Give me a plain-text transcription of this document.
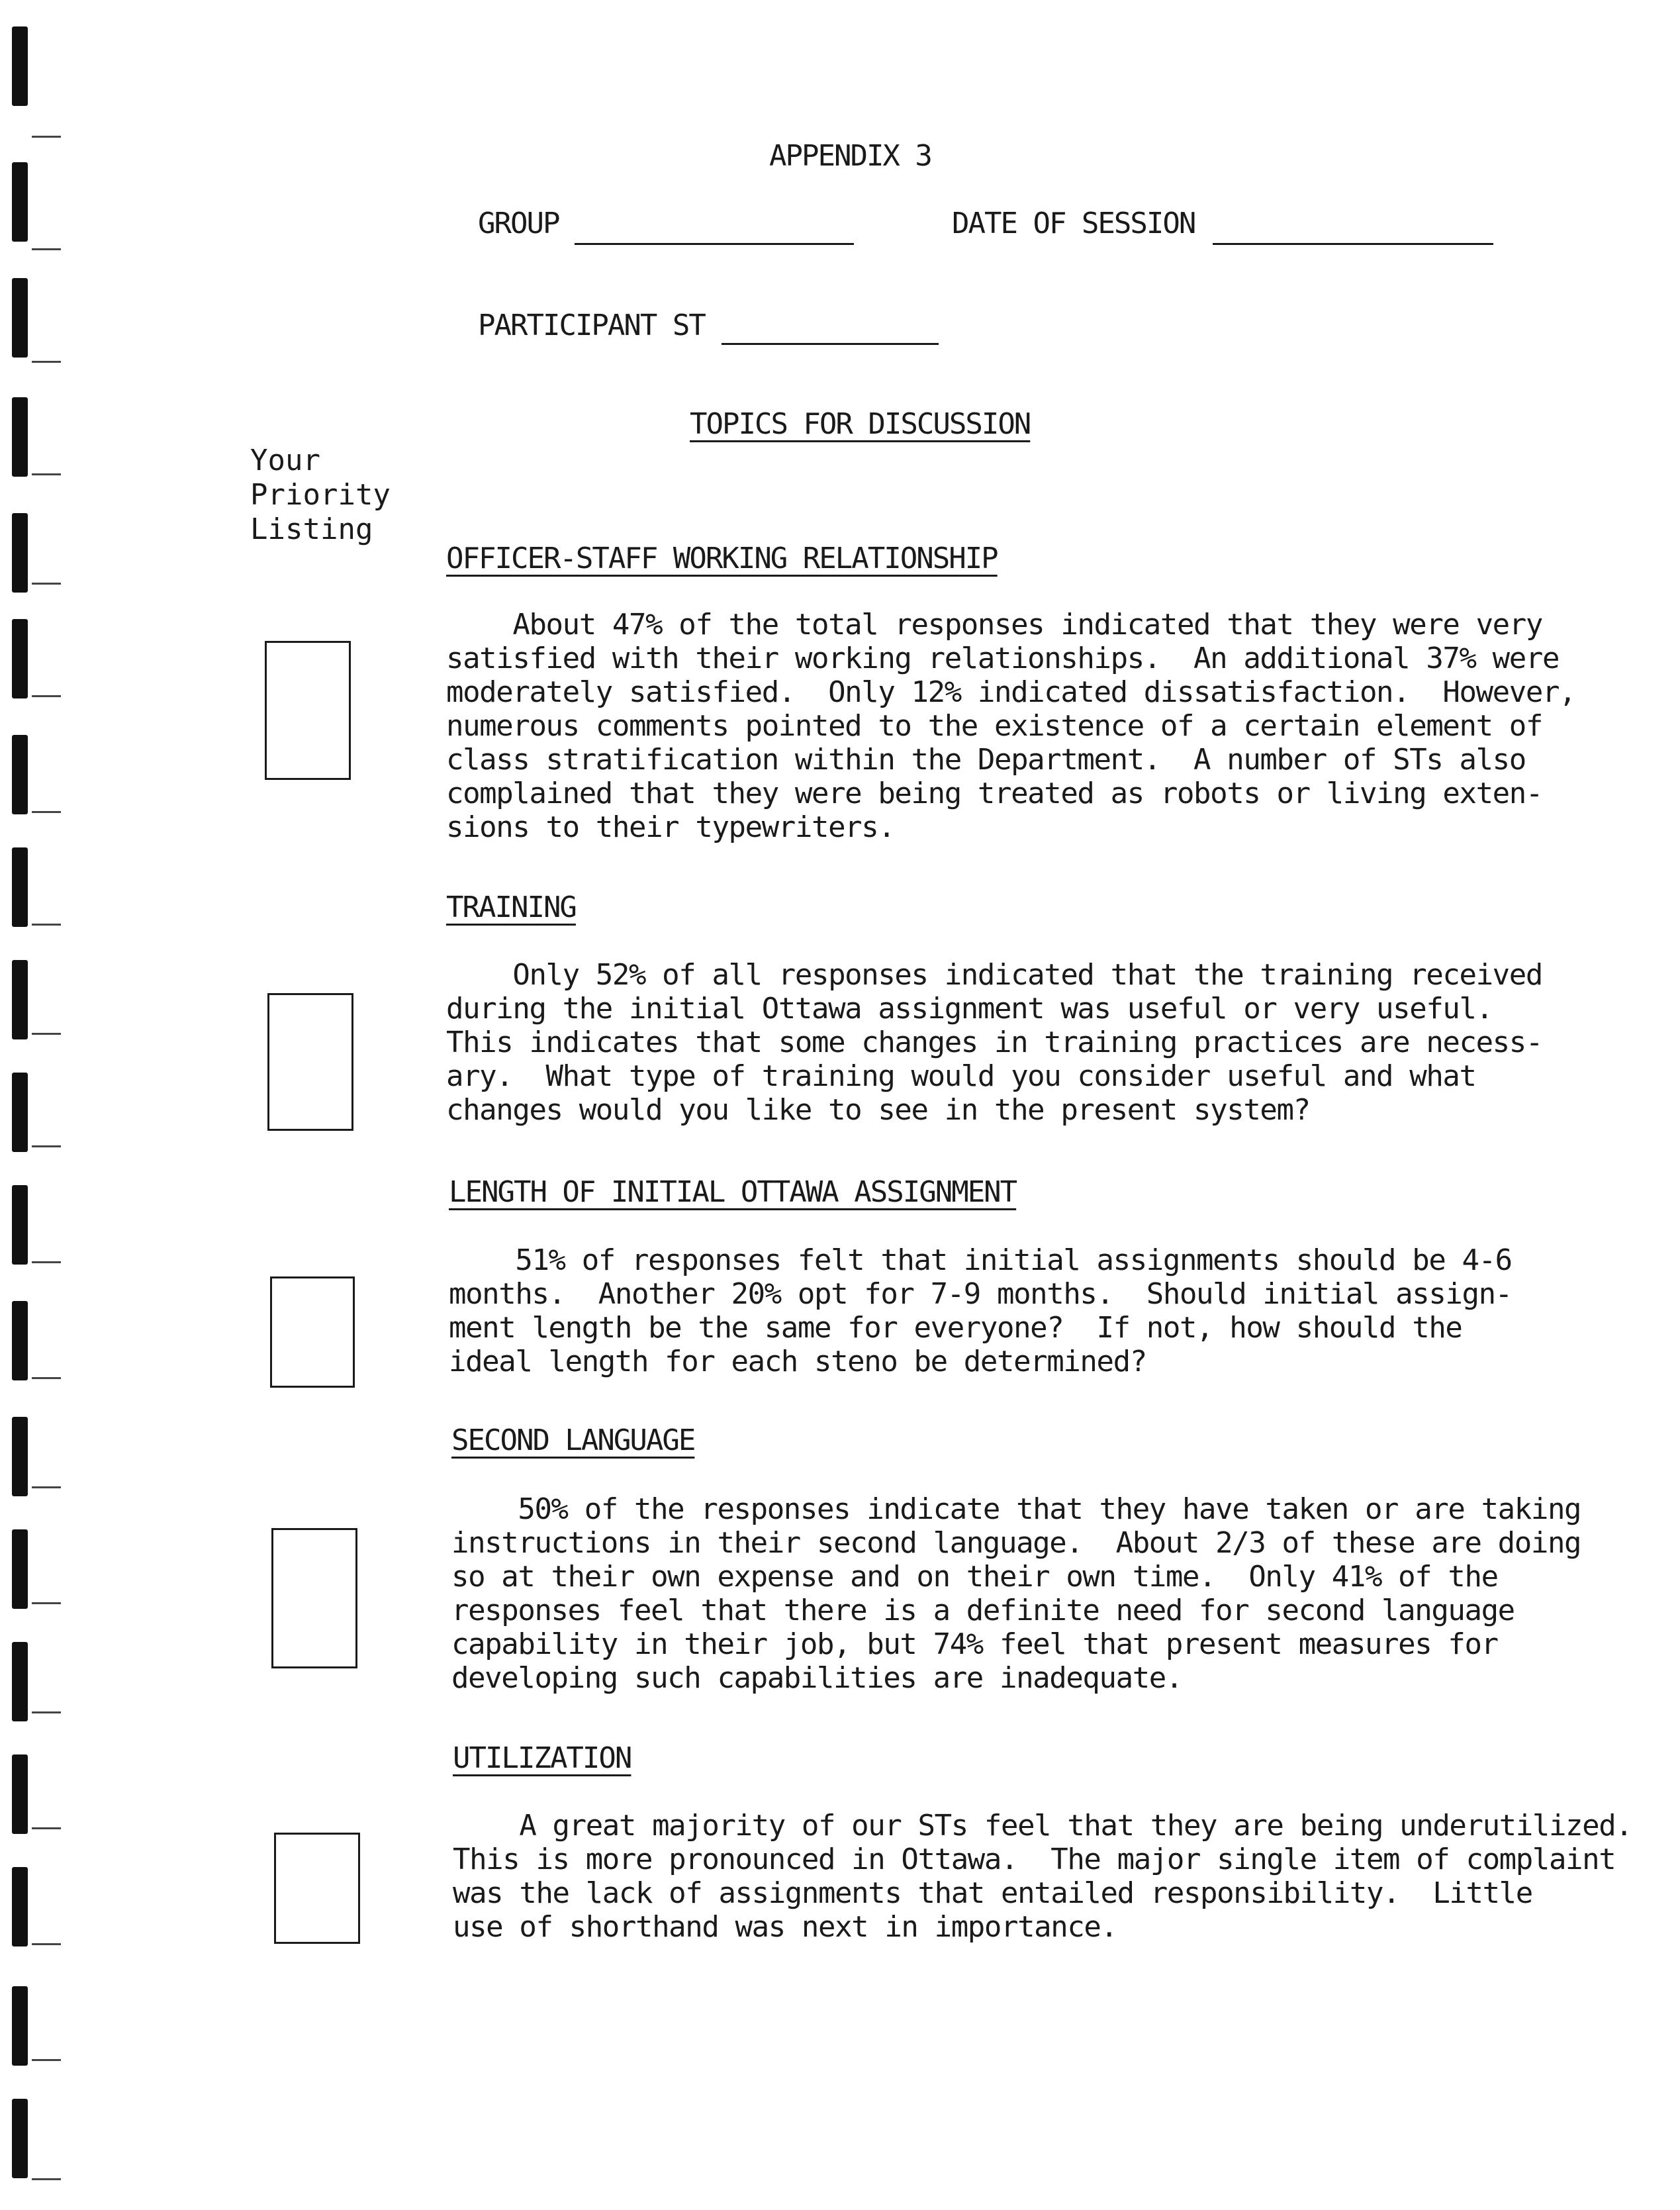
APPENDIX 3
GROUP	DATE OF SESSION
PARTICIPANT ST
TOPICS FOR DISCUSSION
Your
Priority
Listing
OFFICER-STAFF WORKING RELATIONSHIP
About 47% of the total responses indicated that they were very
satisfied with their working relationships.  An additional 37% were
moderately satisfied.  Only 12% indicated dissatisfaction.  However,
numerous comments pointed to the existence of a certain element of
class stratification within the Department.  A number of STs also
complained that they were being treated as robots or living exten-
sions to their typewriters.
TRAINING
Only 52% of all responses indicated that the training received
during the initial Ottawa assignment was useful or very useful.
This indicates that some changes in training practices are necess-
ary.  What type of training would you consider useful and what
changes would you like to see in the present system?
LENGTH OF INITIAL OTTAWA ASSIGNMENT
51% of responses felt that initial assignments should be 4-6
months.  Another 20% opt for 7-9 months.  Should initial assign-
ment length be the same for everyone?  If not, how should the
ideal length for each steno be determined?
SECOND LANGUAGE
50% of the responses indicate that they have taken or are taking
instructions in their second language.  About 2/3 of these are doing
so at their own expense and on their own time.  Only 41% of the
responses feel that there is a definite need for second language
capability in their job, but 74% feel that present measures for
developing such capabilities are inadequate.
UTILIZATION
A great majority of our STs feel that they are being underutilized.
This is more pronounced in Ottawa.  The major single item of complaint
was the lack of assignments that entailed responsibility.  Little
use of shorthand was next in importance.
